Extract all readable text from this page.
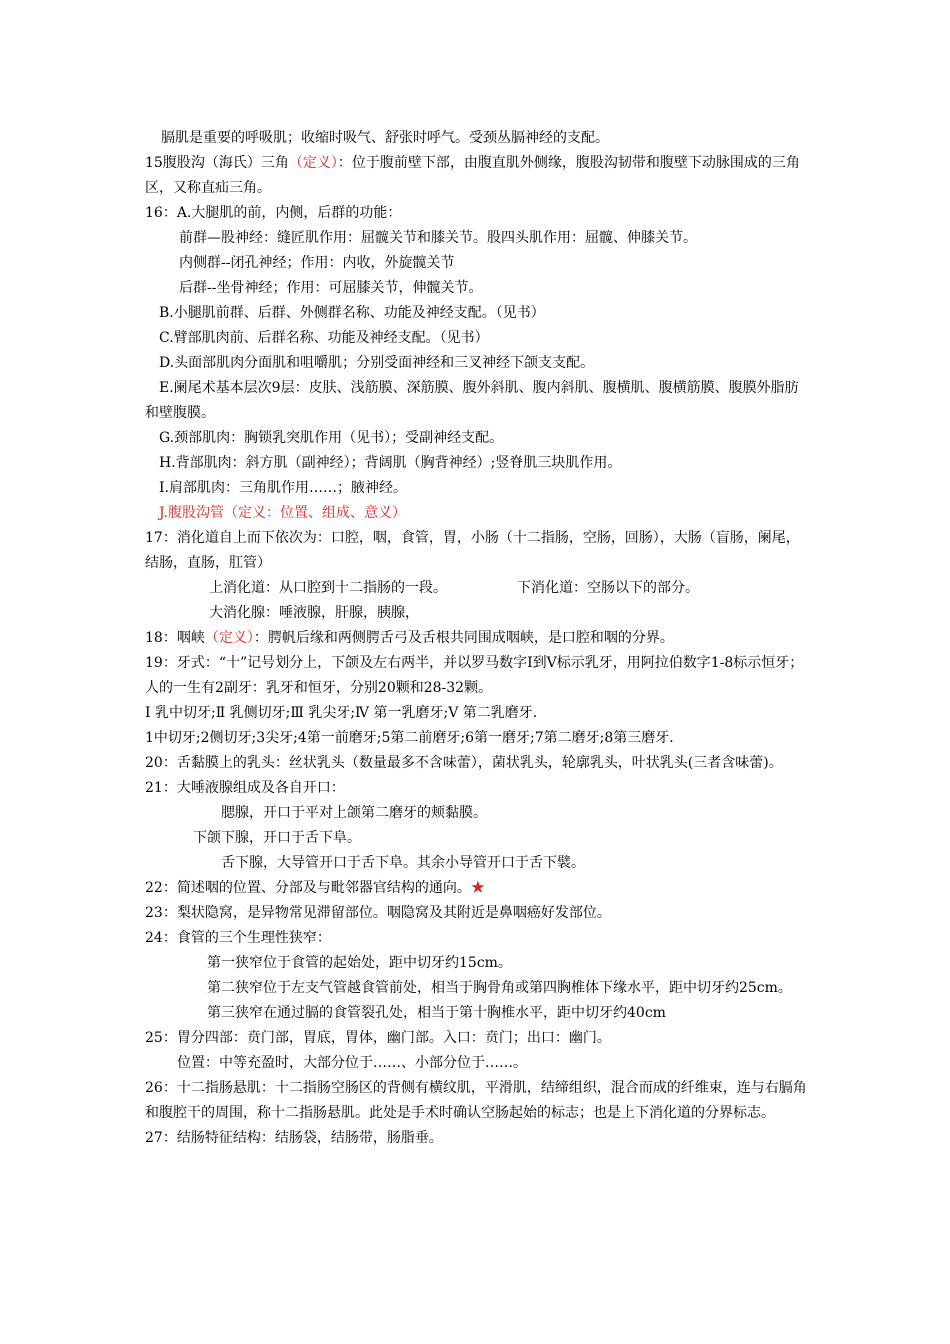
膈肌是重要的呼吸肌；收缩时吸气、舒张时呼气。受颈丛膈神经的支配。

15腹股沟（海氏）三角（定义）：位于腹前壁下部，由腹直肌外侧缘，腹股沟韧带和腹壁下动脉围成的三角区，又称直疝三角。

16：A.大腿肌的前，内侧，后群的功能：

前群—股神经：缝匠肌作用：屈髋关节和膝关节。股四头肌作用：屈髋、伸膝关节。

内侧群--闭孔神经；作用：内收，外旋髋关节

后群--坐骨神经；作用：可屈膝关节，伸髋关节。

B.小腿肌前群、后群、外侧群名称、功能及神经支配。（见书）

C.臂部肌肉前、后群名称、功能及神经支配。（见书）

D.头面部肌肉分面肌和咀嚼肌；分别受面神经和三叉神经下颌支支配。

E.阑尾术基本层次9层：皮肤、浅筋膜、深筋膜、腹外斜肌、腹内斜肌、腹横肌、腹横筋膜、腹膜外脂肪和壁腹膜。

G.颈部肌肉：胸锁乳突肌作用（见书）；受副神经支配。

H.背部肌肉：斜方肌（副神经）；背阔肌（胸背神经）;竖脊肌三块肌作用。

I.肩部肌肉：三角肌作用……；腋神经。

J.腹股沟管（定义：位置、组成、意义）

17：消化道自上而下依次为：口腔，咽，食管，胃，小肠（十二指肠，空肠，回肠），大肠（盲肠，阑尾，结肠，直肠，肛管）

上消化道：从口腔到十二指肠的一段。	下消化道：空肠以下的部分。

大消化腺：唾液腺，肝腺，胰腺，

18：咽峡（定义）：腭帆后缘和两侧腭舌弓及舌根共同围成咽峡，是口腔和咽的分界。

19：牙式：“十”记号划分上，下颌及左右两半，并以罗马数字Ⅰ到Ⅴ标示乳牙，用阿拉伯数字1-8标示恒牙；人的一生有2副牙：乳牙和恒牙，分别20颗和28-32颗。

Ⅰ 乳中切牙;Ⅱ 乳侧切牙;Ⅲ 乳尖牙;Ⅳ 第一乳磨牙;Ⅴ 第二乳磨牙.

1中切牙;2侧切牙;3尖牙;4第一前磨牙;5第二前磨牙;6第一磨牙;7第二磨牙;8第三磨牙.

20：舌黏膜上的乳头：丝状乳头（数量最多不含味蕾），菌状乳头，轮廓乳头，叶状乳头(三者含味蕾)。

21：大唾液腺组成及各自开口：

腮腺，开口于平对上颌第二磨牙的颊黏膜。

下颌下腺，开口于舌下阜。

舌下腺，大导管开口于舌下阜。其余小导管开口于舌下襞。

22：简述咽的位置、分部及与毗邻器官结构的通向。★

23：梨状隐窝，是异物常见滞留部位。咽隐窝及其附近是鼻咽癌好发部位。

24：食管的三个生理性狭窄：

第一狭窄位于食管的起始处，距中切牙约15cm。

第二狭窄位于左支气管越食管前处，相当于胸骨角或第四胸椎体下缘水平，距中切牙约25cm。

第三狭窄在通过膈的食管裂孔处，相当于第十胸椎水平，距中切牙约40cm

25：胃分四部：贲门部，胃底，胃体，幽门部。入口：贲门；出口：幽门。

位置：中等充盈时，大部分位于……、小部分位于……。

26：十二指肠悬肌：十二指肠空肠区的背侧有横纹肌，平滑肌，结缔组织，混合而成的纤维束，连与右膈角和腹腔干的周围，称十二指肠悬肌。此处是手术时确认空肠起始的标志；也是上下消化道的分界标志。

27：结肠特征结构：结肠袋，结肠带，肠脂垂。
